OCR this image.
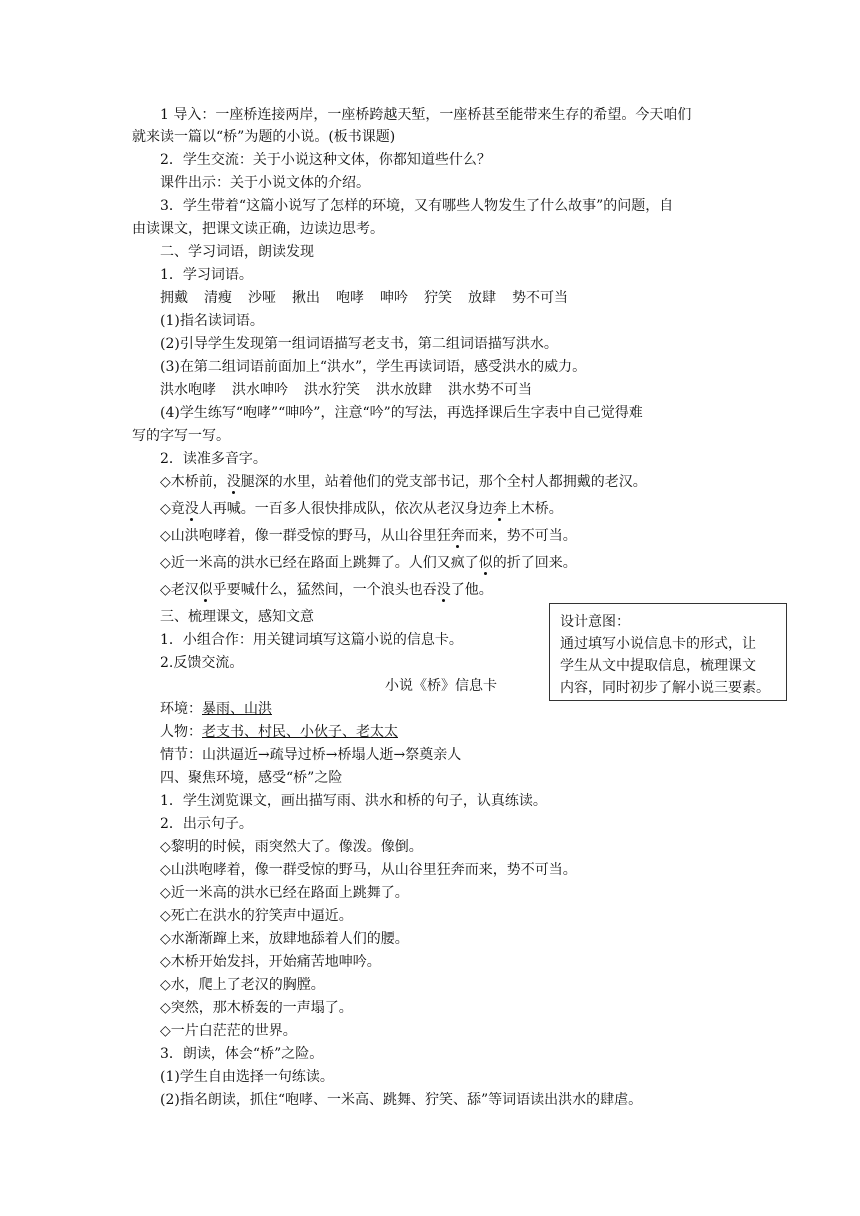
1 导入：一座桥连接两岸，一座桥跨越天堑，一座桥甚至能带来生存的希望。今天咱们
就来读一篇以“桥”为题的小说。(板书课题)
2．学生交流：关于小说这种文体，你都知道些什么？
课件出示：关于小说文体的介绍。
3．学生带着“这篇小说写了怎样的环境，又有哪些人物发生了什么故事”的问题，自
由读课文，把课文读正确，边读边思考。
二、学习词语，朗读发现
1．学习词语。
拥戴 清瘦 沙哑 揪出 咆哮 呻吟 狞笑 放肆 势不可当
(1)指名读词语。
(2)引导学生发现第一组词语描写老支书，第二组词语描写洪水。
(3)在第二组词语前面加上“洪水”，学生再读词语，感受洪水的威力。
洪水咆哮 洪水呻吟 洪水狞笑 洪水放肆 洪水势不可当
(4)学生练写“咆哮”“呻吟”，注意“吟”的写法，再选择课后生字表中自己觉得难
写的字写一写。
2．读准多音字。
◇木桥前，没腿深的水里，站着他们的党支部书记，那个全村人都拥戴的老汉。
◇竟没人再喊。一百多人很快排成队，依次从老汉身边奔上木桥。
◇山洪咆哮着，像一群受惊的野马，从山谷里狂奔而来，势不可当。
◇近一米高的洪水已经在路面上跳舞了。人们又疯了似的折了回来。
◇老汉似乎要喊什么，猛然间，一个浪头也吞没了他。
三、梳理课文，感知文意
1．小组合作：用关键词填写这篇小说的信息卡。
2.反馈交流。
小说《桥》信息卡
环境：暴雨、山洪
人物：老支书、村民、小伙子、老太太
情节：山洪逼近→疏导过桥→桥塌人逝→祭奠亲人
设计意图：
通过填写小说信息卡的形式，让
学生从文中提取信息，梳理课文
内容，同时初步了解小说三要素。
四、聚焦环境，感受“桥”之险
1．学生浏览课文，画出描写雨、洪水和桥的句子，认真练读。
2．出示句子。
◇黎明的时候，雨突然大了。像泼。像倒。
◇山洪咆哮着，像一群受惊的野马，从山谷里狂奔而来，势不可当。
◇近一米高的洪水已经在路面上跳舞了。
◇死亡在洪水的狞笑声中逼近。
◇水渐渐蹿上来，放肆地舔着人们的腰。
◇木桥开始发抖，开始痛苦地呻吟。
◇水，爬上了老汉的胸膛。
◇突然，那木桥轰的一声塌了。
◇一片白茫茫的世界。
3．朗读，体会“桥”之险。
(1)学生自由选择一句练读。
(2)指名朗读，抓住“咆哮、一米高、跳舞、狞笑、舔”等词语读出洪水的肆虐。
